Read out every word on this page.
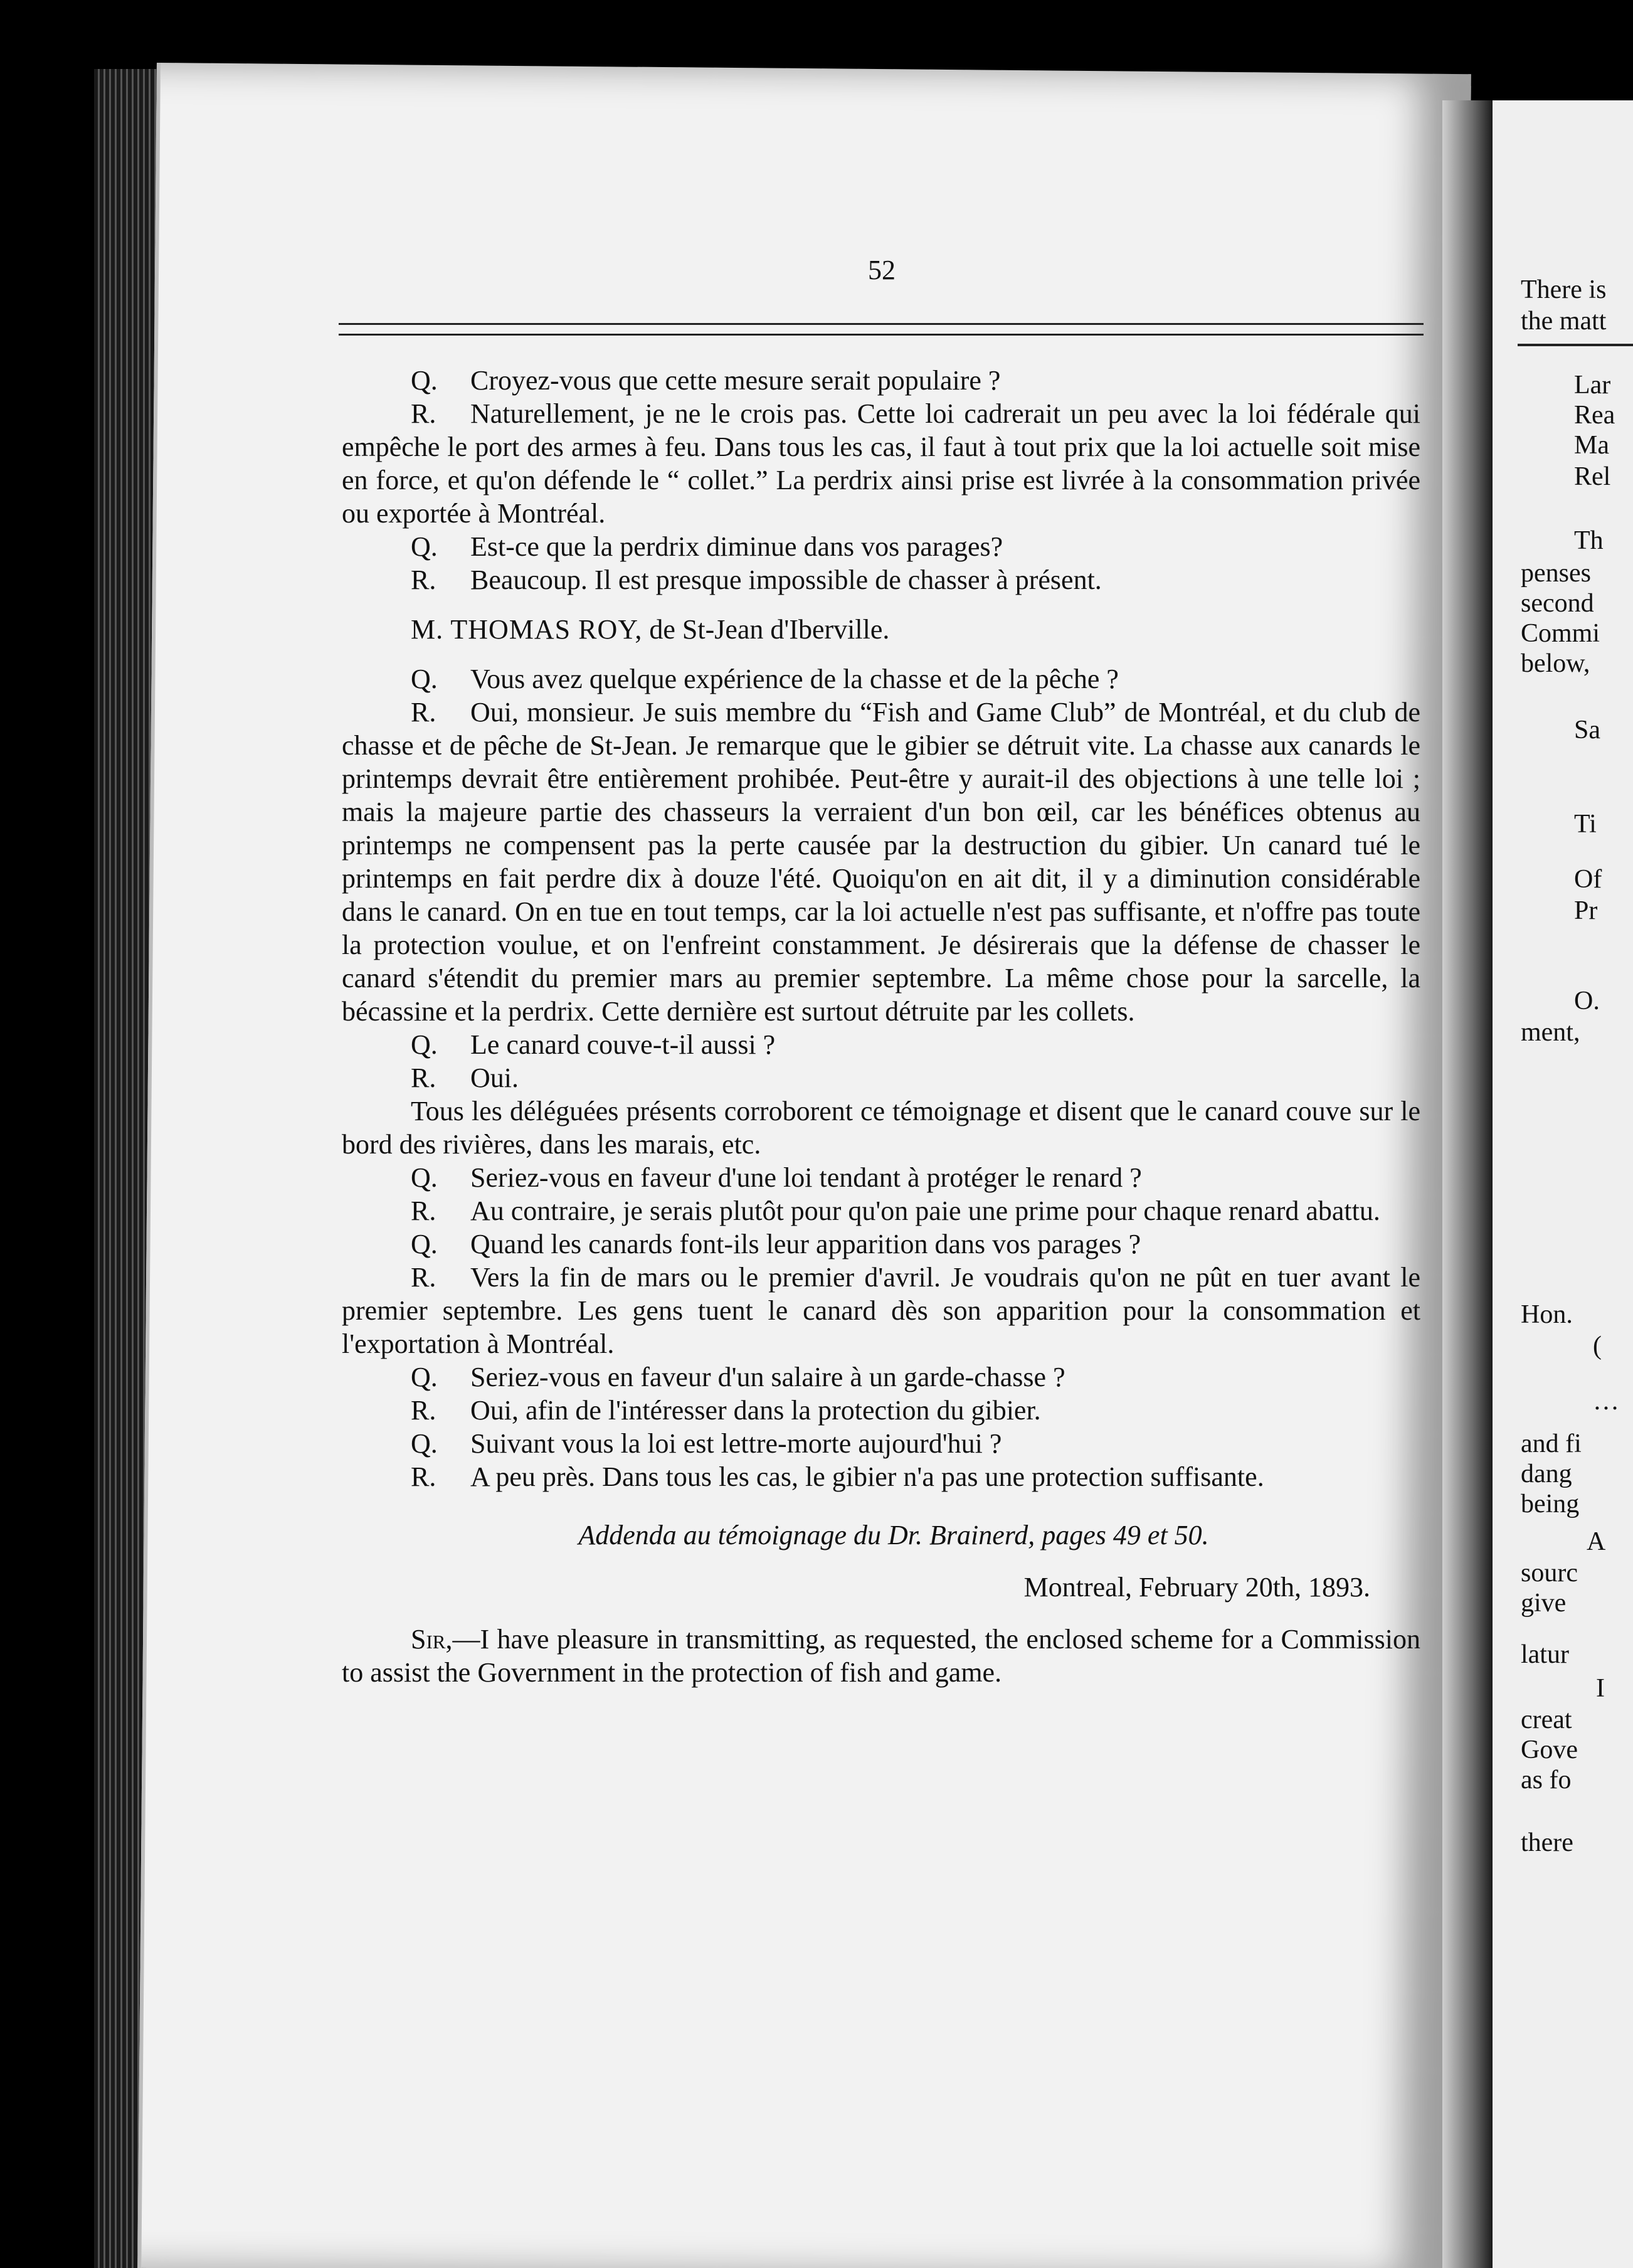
52

Q. Croyez-vous que cette mesure serait populaire ?

R. Naturellement, je ne le crois pas. Cette loi cadrerait un peu avec la loi fédérale qui empêche le port des armes à feu. Dans tous les cas, il faut à tout prix que la loi actuelle soit mise en force, et qu'on défende le “ collet.” La perdrix ainsi prise est livrée à la consommation privée ou exportée à Montréal.

Q. Est-ce que la perdrix diminue dans vos parages?

R. Beaucoup. Il est presque impossible de chasser à présent.

M. THOMAS ROY, de St-Jean d'Iberville.

Q. Vous avez quelque expérience de la chasse et de la pêche ?

R. Oui, monsieur. Je suis membre du “Fish and Game Club” de Montréal, et du club de chasse et de pêche de St-Jean. Je remarque que le gibier se détruit vite. La chasse aux canards le printemps devrait être entièrement prohibée. Peut-être y aurait-il des objections à une telle loi ; mais la majeure partie des chasseurs la verraient d'un bon œil, car les bénéfices obtenus au printemps ne compensent pas la perte causée par la destruction du gibier. Un canard tué le printemps en fait perdre dix à douze l'été. Quoiqu'on en ait dit, il y a diminution considérable dans le canard. On en tue en tout temps, car la loi actuelle n'est pas suffisante, et n'offre pas toute la protection voulue, et on l'enfreint constamment. Je désirerais que la défense de chasser le canard s'étendit du premier mars au premier septembre. La même chose pour la sarcelle, la bécassine et la perdrix. Cette dernière est surtout détruite par les collets.

Q. Le canard couve-t-il aussi ?

R. Oui.

Tous les déléguées présents corroborent ce témoignage et disent que le canard couve sur le bord des rivières, dans les marais, etc.

Q. Seriez-vous en faveur d'une loi tendant à protéger le renard ?

R. Au contraire, je serais plutôt pour qu'on paie une prime pour chaque renard abattu.

Q. Quand les canards font-ils leur apparition dans vos parages ?

R. Vers la fin de mars ou le premier d'avril. Je voudrais qu'on ne pût en tuer avant le premier septembre. Les gens tuent le canard dès son apparition pour la consommation et l'exportation à Montréal.

Q. Seriez-vous en faveur d'un salaire à un garde-chasse ?

R. Oui, afin de l'intéresser dans la protection du gibier.

Q. Suivant vous la loi est lettre-morte aujourd'hui ?

R. A peu près. Dans tous les cas, le gibier n'a pas une protection suffisante.

Addenda au témoignage du Dr. Brainerd, pages 49 et 50.

Montreal, February 20th, 1893.

Sir,—I have pleasure in transmitting, as requested, the enclosed scheme for a Commission to assist the Government in the protection of fish and game.

There is
the matt
Lar
Rea
Ma
Rel
Th
penses
second
Commi
below,
Sa
Ti
Of
Pr
O.
ment,
Hon.
(
…
and fi
dang
being
A
sourc
give
latur
I
creat
Gove
as fo
there
